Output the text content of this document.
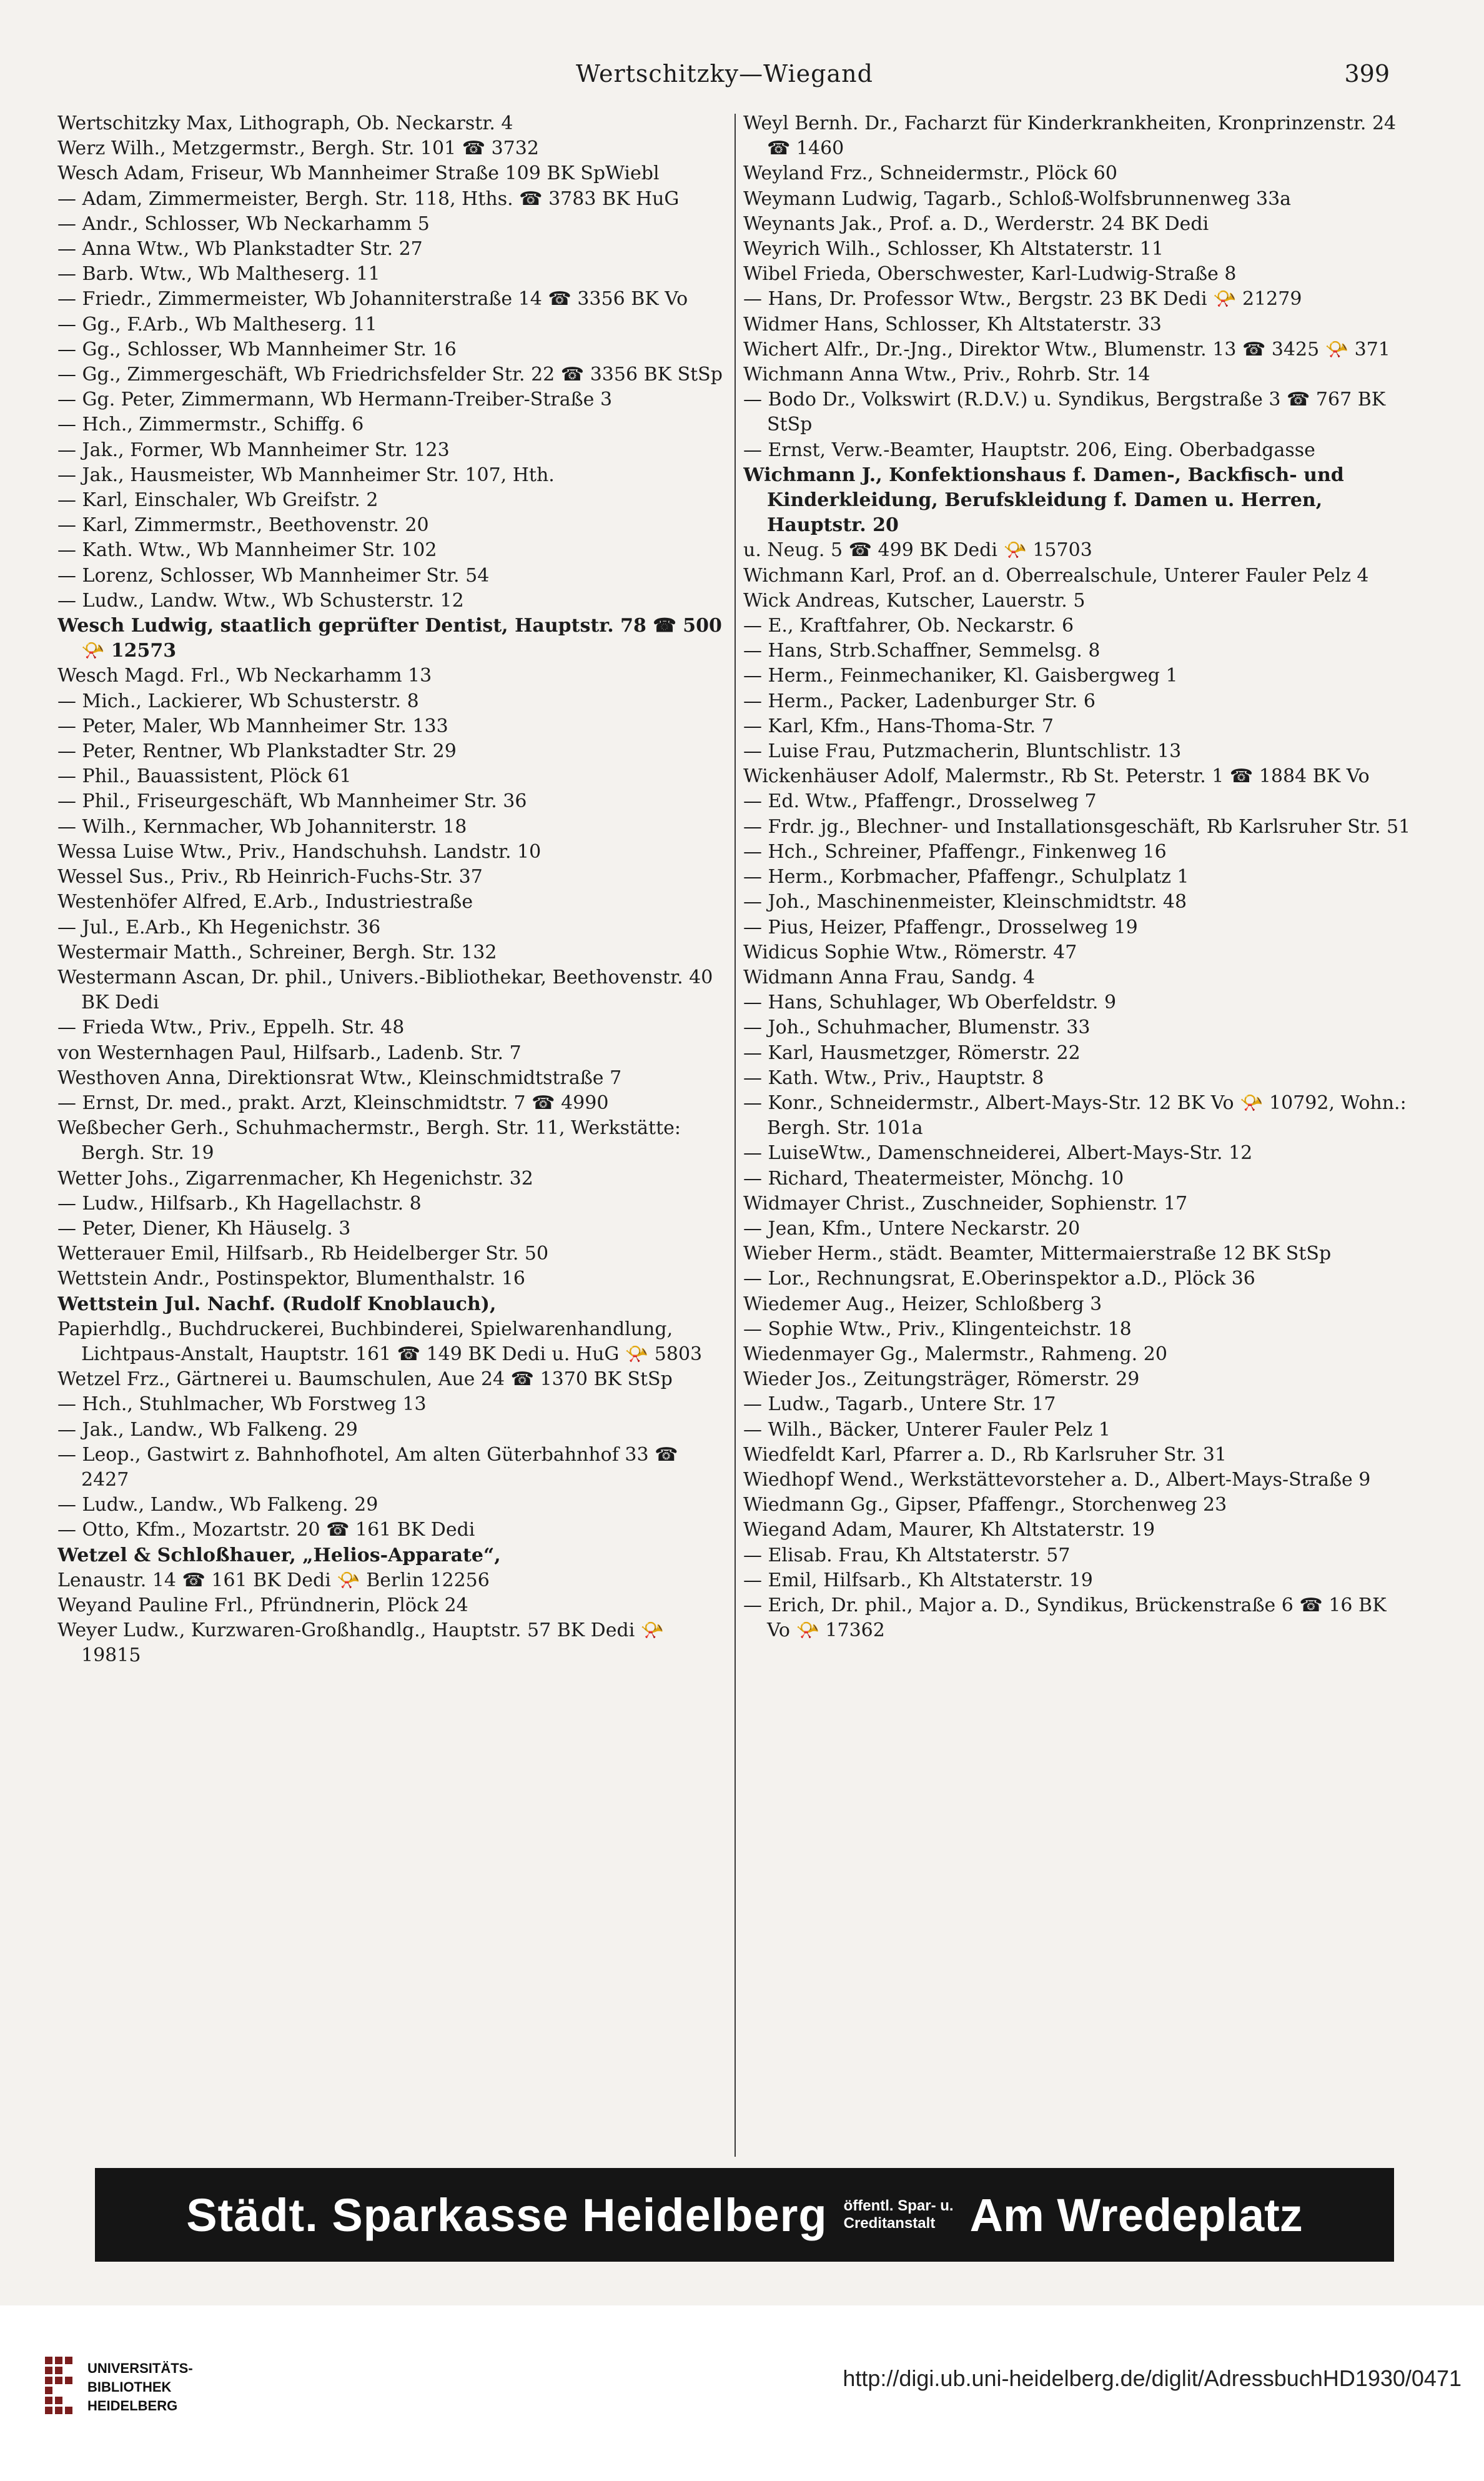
Wertschitzky—Wiegand	399
Wertschitzky Max, Lithograph, Ob. Neckarstr. 4
Werz Wilh., Metzgermstr., Bergh. Str. 101 ☎ 3732
Wesch Adam, Friseur, Wb Mannheimer Straße 109 BK SpWiebl
— Adam, Zimmermeister, Bergh. Str. 118, Hths. ☎ 3783 BK HuG
— Andr., Schlosser, Wb Neckarhamm 5
— Anna Wtw., Wb Plankstadter Str. 27
— Barb. Wtw., Wb Maltheserg. 11
— Friedr., Zimmermeister, Wb Johanniterstraße 14 ☎ 3356 BK Vo
— Gg., F.Arb., Wb Maltheserg. 11
— Gg., Schlosser, Wb Mannheimer Str. 16
— Gg., Zimmergeschäft, Wb Friedrichsfelder Str. 22 ☎ 3356 BK StSp
— Gg. Peter, Zimmermann, Wb Hermann-Treiber-Straße 3
— Hch., Zimmermstr., Schiffg. 6
— Jak., Former, Wb Mannheimer Str. 123
— Jak., Hausmeister, Wb Mannheimer Str. 107, Hth.
— Karl, Einschaler, Wb Greifstr. 2
— Karl, Zimmermstr., Beethovenstr. 20
— Kath. Wtw., Wb Mannheimer Str. 102
— Lorenz, Schlosser, Wb Mannheimer Str. 54
— Ludw., Landw. Wtw., Wb Schusterstr. 12
Wesch Ludwig, staatlich geprüfter Dentist, Hauptstr. 78 ☎ 500 📯 12573
Wesch Magd. Frl., Wb Neckarhamm 13
— Mich., Lackierer, Wb Schusterstr. 8
— Peter, Maler, Wb Mannheimer Str. 133
— Peter, Rentner, Wb Plankstadter Str. 29
— Phil., Bauassistent, Plöck 61
— Phil., Friseurgeschäft, Wb Mannheimer Str. 36
— Wilh., Kernmacher, Wb Johanniterstr. 18
Wessa Luise Wtw., Priv., Handschuhsh. Landstr. 10
Wessel Sus., Priv., Rb Heinrich-Fuchs-Str. 37
Westenhöfer Alfred, E.Arb., Industriestraße
— Jul., E.Arb., Kh Hegenichstr. 36
Westermair Matth., Schreiner, Bergh. Str. 132
Westermann Ascan, Dr. phil., Univers.-Bibliothekar, Beethovenstr. 40 BK Dedi
— Frieda Wtw., Priv., Eppelh. Str. 48
von Westernhagen Paul, Hilfsarb., Ladenb. Str. 7
Westhoven Anna, Direktionsrat Wtw., Kleinschmidtstraße 7
— Ernst, Dr. med., prakt. Arzt, Kleinschmidtstr. 7 ☎ 4990
Weßbecher Gerh., Schuhmachermstr., Bergh. Str. 11, Werkstätte: Bergh. Str. 19
Wetter Johs., Zigarrenmacher, Kh Hegenichstr. 32
— Ludw., Hilfsarb., Kh Hagellachstr. 8
— Peter, Diener, Kh Häuselg. 3
Wetterauer Emil, Hilfsarb., Rb Heidelberger Str. 50
Wettstein Andr., Postinspektor, Blumenthalstr. 16
Wettstein Jul. Nachf. (Rudolf Knoblauch),
Papierhdlg., Buchdruckerei, Buchbinderei, Spielwarenhandlung, Lichtpaus-Anstalt, Hauptstr. 161 ☎ 149 BK Dedi u. HuG 📯 5803
Wetzel Frz., Gärtnerei u. Baumschulen, Aue 24 ☎ 1370 BK StSp
— Hch., Stuhlmacher, Wb Forstweg 13
— Jak., Landw., Wb Falkeng. 29
— Leop., Gastwirt z. Bahnhofhotel, Am alten Güterbahnhof 33 ☎ 2427
— Ludw., Landw., Wb Falkeng. 29
— Otto, Kfm., Mozartstr. 20 ☎ 161 BK Dedi
Wetzel & Schloßhauer, „Helios-Apparate“,
Lenaustr. 14 ☎ 161 BK Dedi 📯 Berlin 12256
Weyand Pauline Frl., Pfründnerin, Plöck 24
Weyer Ludw., Kurzwaren-Großhandlg., Hauptstr. 57 BK Dedi 📯 19815
Weyl Bernh. Dr., Facharzt für Kinderkrankheiten, Kronprinzenstr. 24 ☎ 1460
Weyland Frz., Schneidermstr., Plöck 60
Weymann Ludwig, Tagarb., Schloß-Wolfsbrunnenweg 33a
Weynants Jak., Prof. a. D., Werderstr. 24 BK Dedi
Weyrich Wilh., Schlosser, Kh Altstaterstr. 11
Wibel Frieda, Oberschwester, Karl-Ludwig-Straße 8
— Hans, Dr. Professor Wtw., Bergstr. 23 BK Dedi 📯 21279
Widmer Hans, Schlosser, Kh Altstaterstr. 33
Wichert Alfr., Dr.-Jng., Direktor Wtw., Blumenstr. 13 ☎ 3425 📯 371
Wichmann Anna Wtw., Priv., Rohrb. Str. 14
— Bodo Dr., Volkswirt (R.D.V.) u. Syndikus, Bergstraße 3 ☎ 767 BK StSp
— Ernst, Verw.-Beamter, Hauptstr. 206, Eing. Oberbadgasse
Wichmann J., Konfektionshaus f. Damen-, Backfisch- und Kinderkleidung, Berufskleidung f. Damen u. Herren, Hauptstr. 20
u. Neug. 5 ☎ 499 BK Dedi 📯 15703
Wichmann Karl, Prof. an d. Oberrealschule, Unterer Fauler Pelz 4
Wick Andreas, Kutscher, Lauerstr. 5
— E., Kraftfahrer, Ob. Neckarstr. 6
— Hans, Strb.Schaffner, Semmelsg. 8
— Herm., Feinmechaniker, Kl. Gaisbergweg 1
— Herm., Packer, Ladenburger Str. 6
— Karl, Kfm., Hans-Thoma-Str. 7
— Luise Frau, Putzmacherin, Bluntschlistr. 13
Wickenhäuser Adolf, Malermstr., Rb St. Peterstr. 1 ☎ 1884 BK Vo
— Ed. Wtw., Pfaffengr., Drosselweg 7
— Frdr. jg., Blechner- und Installationsgeschäft, Rb Karlsruher Str. 51
— Hch., Schreiner, Pfaffengr., Finkenweg 16
— Herm., Korbmacher, Pfaffengr., Schulplatz 1
— Joh., Maschinenmeister, Kleinschmidtstr. 48
— Pius, Heizer, Pfaffengr., Drosselweg 19
Widicus Sophie Wtw., Römerstr. 47
Widmann Anna Frau, Sandg. 4
— Hans, Schuhlager, Wb Oberfeldstr. 9
— Joh., Schuhmacher, Blumenstr. 33
— Karl, Hausmetzger, Römerstr. 22
— Kath. Wtw., Priv., Hauptstr. 8
— Konr., Schneidermstr., Albert-Mays-Str. 12 BK Vo 📯 10792, Wohn.: Bergh. Str. 101a
— LuiseWtw., Damenschneiderei, Albert-Mays-Str. 12
— Richard, Theatermeister, Mönchg. 10
Widmayer Christ., Zuschneider, Sophienstr. 17
— Jean, Kfm., Untere Neckarstr. 20
Wieber Herm., städt. Beamter, Mittermaierstraße 12 BK StSp
— Lor., Rechnungsrat, E.Oberinspektor a.D., Plöck 36
Wiedemer Aug., Heizer, Schloßberg 3
— Sophie Wtw., Priv., Klingenteichstr. 18
Wiedenmayer Gg., Malermstr., Rahmeng. 20
Wieder Jos., Zeitungsträger, Römerstr. 29
— Ludw., Tagarb., Untere Str. 17
— Wilh., Bäcker, Unterer Fauler Pelz 1
Wiedfeldt Karl, Pfarrer a. D., Rb Karlsruher Str. 31
Wiedhopf Wend., Werkstättevorsteher a. D., Albert-Mays-Straße 9
Wiedmann Gg., Gipser, Pfaffengr., Storchenweg 23
Wiegand Adam, Maurer, Kh Altstaterstr. 19
— Elisab. Frau, Kh Altstaterstr. 57
— Emil, Hilfsarb., Kh Altstaterstr. 19
— Erich, Dr. phil., Major a. D., Syndikus, Brückenstraße 6 ☎ 16 BK Vo 📯 17362
Städt. Sparkasse Heidelberg öffentl. Spar- u.
Creditanstalt Am Wredeplatz
UNIVERSITÄTS-
BIBLIOTHEK
HEIDELBERG
http://digi.ub.uni-heidelberg.de/diglit/AdressbuchHD1930/0471
